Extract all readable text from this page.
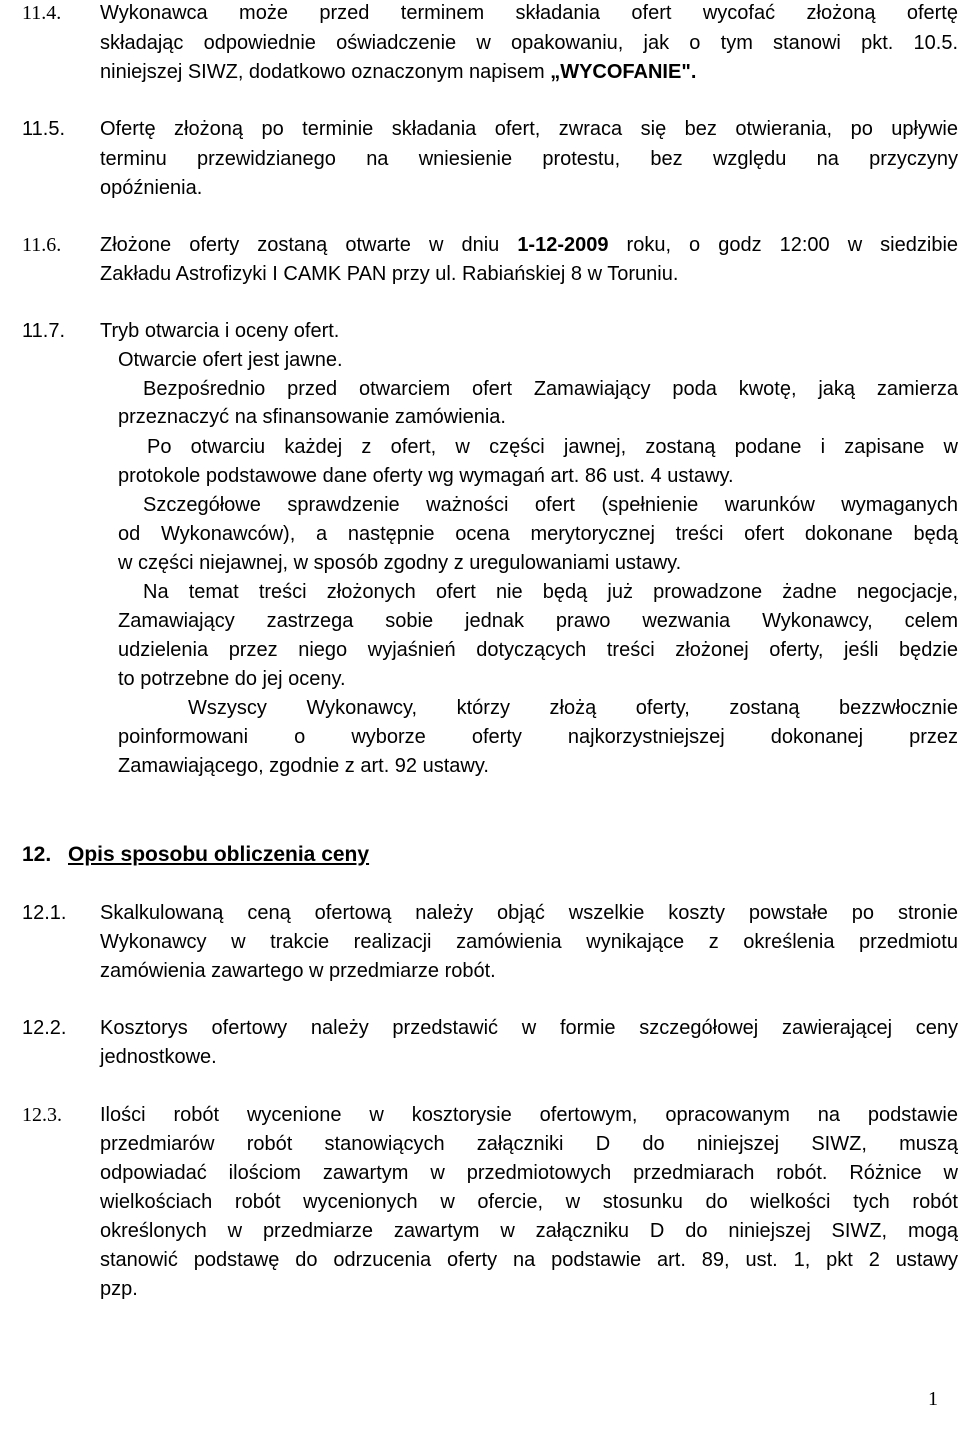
11.4. Wykonawca może przed terminem składania ofert wycofać złożoną ofertę
składając odpowiednie oświadczenie w opakowaniu, jak o tym stanowi pkt. 10.5.
niniejszej SIWZ, dodatkowo oznaczonym napisem „WYCOFANIE".
11.5. Ofertę złożoną po terminie składania ofert, zwraca się bez otwierania, po upływie
terminu przewidzianego na wniesienie protestu, bez względu na przyczyny
opóźnienia.
11.6. Złożone oferty zostaną otwarte w dniu 1-12-2009 roku, o godz 12:00 w siedzibie
Zakładu Astrofizyki I CAMK PAN przy ul. Rabiańskiej 8 w Toruniu.
11.7. Tryb otwarcia i oceny ofert.
Otwarcie ofert jest jawne.
Bezpośrednio przed otwarciem ofert Zamawiający poda kwotę, jaką zamierza
przeznaczyć na sfinansowanie zamówienia.
Po otwarciu każdej z ofert, w części jawnej, zostaną podane i zapisane w
protokole podstawowe dane oferty wg wymagań art. 86 ust. 4 ustawy.
Szczegółowe sprawdzenie ważności ofert (spełnienie warunków wymaganych
od Wykonawców), a następnie ocena merytorycznej treści ofert dokonane będą
w części niejawnej, w sposób zgodny z uregulowaniami ustawy.
Na temat treści złożonych ofert nie będą już prowadzone żadne negocjacje,
Zamawiający zastrzega sobie jednak prawo wezwania Wykonawcy, celem
udzielenia przez niego wyjaśnień dotyczących treści złożonej oferty, jeśli będzie
to potrzebne do jej oceny.
Wszyscy Wykonawcy, którzy złożą oferty, zostaną bezzwłocznie
poinformowani o wyborze oferty najkorzystniejszej dokonanej przez
Zamawiającego, zgodnie z art. 92 ustawy.
12. Opis sposobu obliczenia ceny
12.1. Skalkulowaną ceną ofertową należy objąć wszelkie koszty powstałe po stronie
Wykonawcy w trakcie realizacji zamówienia wynikające z określenia przedmiotu
zamówienia zawartego w przedmiarze robót.
12.2. Kosztorys ofertowy należy przedstawić w formie szczegółowej zawierającej ceny
jednostkowe.
12.3. Ilości robót wycenione w kosztorysie ofertowym, opracowanym na podstawie
przedmiarów robót stanowiących załączniki D do niniejszej SIWZ, muszą
odpowiadać ilościom zawartym w przedmiotowych przedmiarach robót. Różnice w
wielkościach robót wycenionych w ofercie, w stosunku do wielkości tych robót
określonych w przedmiarze zawartym w załączniku D do niniejszej SIWZ, mogą
stanowić podstawę do odrzucenia oferty na podstawie art. 89, ust. 1, pkt 2 ustawy
pzp.
1
